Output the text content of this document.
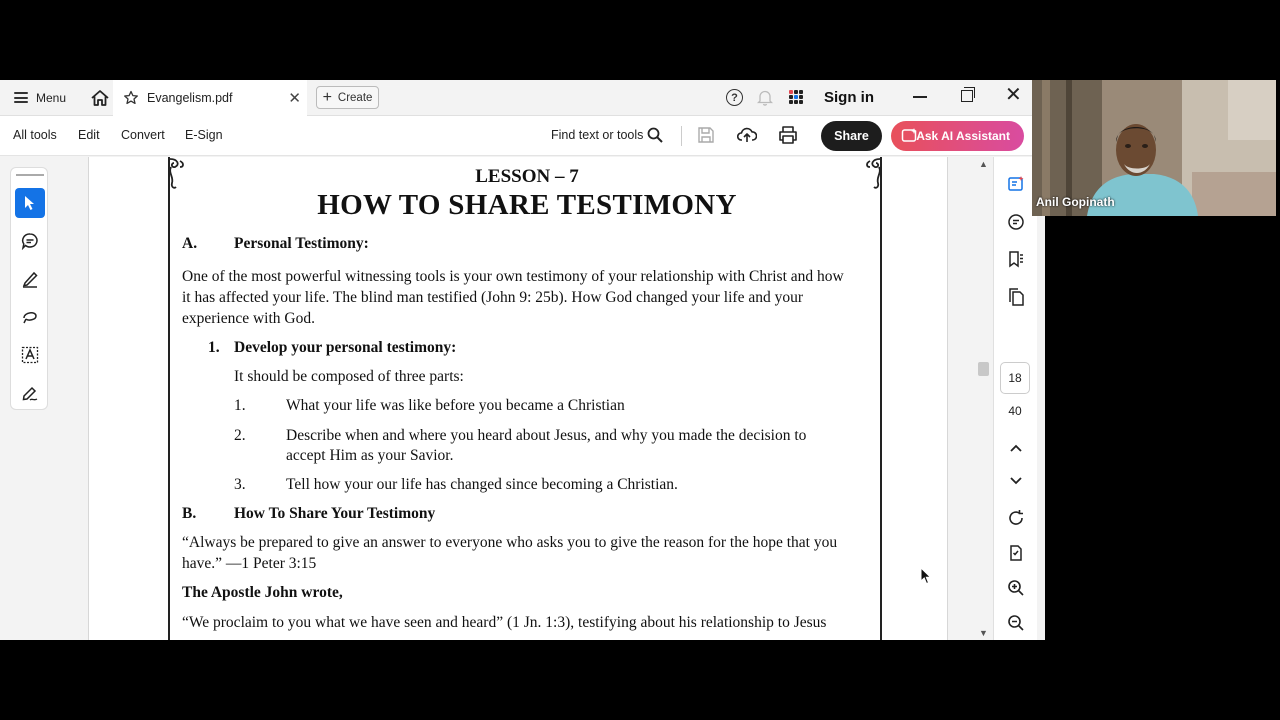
Menu	Evangelism.pdf	✕ + Create	?	Sign in	✕
All tools Edit Convert E-Sign	Find text or tools	Share	Ask AI Assistant
LESSON – 7
HOW TO SHARE TESTIMONY
A. Personal Testimony:
One of the most powerful witnessing tools is your own testimony of your relationship with Christ and how
it has affected your life. The blind man testified (John 9: 25b). How God changed your life and your
experience with God.
1. Develop your personal testimony:
It should be composed of three parts:
1.	What your life was like before you became a Christian
2.	Describe when and where you heard about Jesus, and why you made the decision to
accept Him as your Savior.
3.	Tell how your our life has changed since becoming a Christian.
B. How To Share Your Testimony
“Always be prepared to give an answer to everyone who asks you to give the reason for the hope that you
have.” —1 Peter 3:15
The Apostle John wrote,
“We proclaim to you what we have seen and heard” (1 Jn. 1:3), testifying about his relationship to Jesus
▲
▼
18
40
Anil Gopinath
